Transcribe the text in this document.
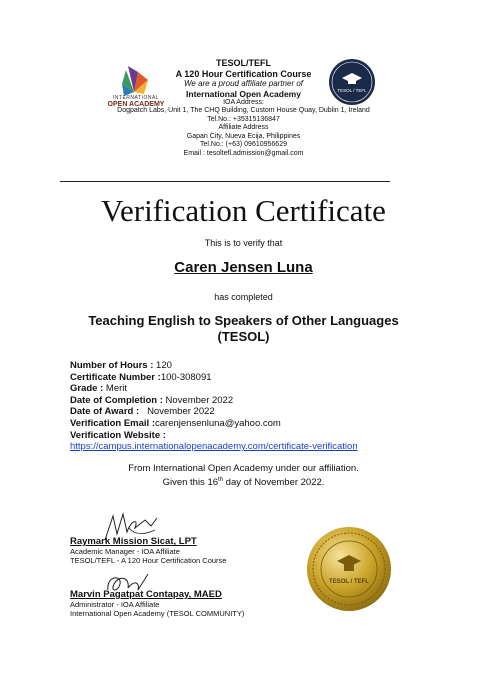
INTERNATIONAL
OPEN ACADEMY
TESOL / TEFL
TESOL/TEFL
A 120 Hour Certification Course
We are a proud affiliate partner of
International Open Academy
IOA Address:
Dogpatch Labs, Unit 1, The CHQ Building, Custom House Quay, Dublin 1, Ireland
Tel.No.: +35315136847
Affiliate Address
Gapan City, Nueva Ecija, Philippines
Tel.No.: (+63) 09610956629
Email : tesoltefl.admission@gmail.com
Verification Certificate
This is to verify that
Caren Jensen Luna
has completed
Teaching English to Speakers of Other Languages
(TESOL)
Number of Hours : 120
Certificate Number :100-308091
Grade : Merit
Date of Completion : November 2022
Date of Award :   November 2022
Verification Email :carenjensenluna@yahoo.com
Verification Website :
https://campus.internationalopenacademy.com/certificate-verification
From International Open Academy under our affiliation.
Given this 16th day of November 2022.
Raymark Mission Sicat, LPT
Academic Manager - IOA Affiliate
TESOL/TEFL - A 120 Hour Certification Course
Marvin Pagatpat Contapay, MAED
Administrator - IOA Affiliate
International Open Academy (TESOL COMMUNITY)
TESOL / TEFL
